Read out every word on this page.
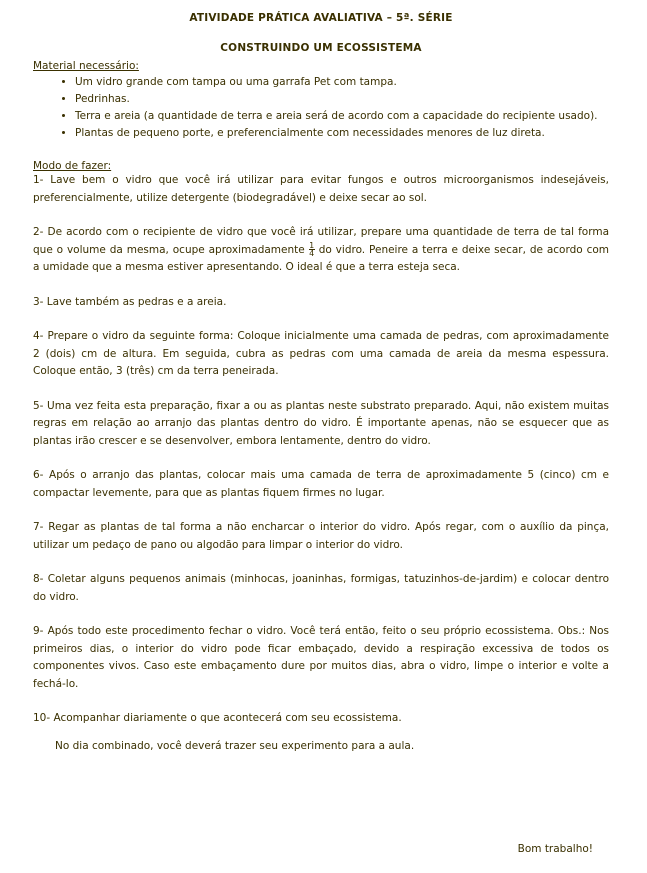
ATIVIDADE PRÁTICA AVALIATIVA – 5ª. SÉRIE
CONSTRUINDO UM ECOSSISTEMA
Material necessário:
• Um vidro grande com tampa ou uma garrafa Pet com tampa.
• Pedrinhas.
• Terra e areia (a quantidade de terra e areia será de acordo com a capacidade do recipiente usado).
• Plantas de pequeno porte, e preferencialmente com necessidades menores de luz direta.
Modo de fazer:

1- Lave bem o vidro que você irá utilizar para evitar fungos e outros microorganismos indesejáveis, preferencialmente, utilize detergente (biodegradável) e deixe secar ao sol.

2- De acordo com o recipiente de vidro que você irá utilizar, prepare uma quantidade de terra de tal forma que o volume da mesma, ocupe aproximadamente $\frac{1}{4}$ do vidro. Peneire a terra e deixe secar, de acordo com a umidade que a mesma estiver apresentando. O ideal é que a terra esteja seca.

3- Lave também as pedras e a areia.

4- Prepare o vidro da seguinte forma: Coloque inicialmente uma camada de pedras, com aproximadamente 2 (dois) cm de altura. Em seguida, cubra as pedras com uma camada de areia da mesma espessura. Coloque então, 3 (três) cm da terra peneirada.

5- Uma vez feita esta preparação, fixar a ou as plantas neste substrato preparado. Aqui, não existem muitas regras em relação ao arranjo das plantas dentro do vidro. É importante apenas, não se esquecer que as plantas irão crescer e se desenvolver, embora lentamente, dentro do vidro.

6- Após o arranjo das plantas, colocar mais uma camada de terra de aproximadamente 5 (cinco) cm e compactar levemente, para que as plantas fiquem firmes no lugar.

7- Regar as plantas de tal forma a não encharcar o interior do vidro. Após regar, com o auxílio da pinça, utilizar um pedaço de pano ou algodão para limpar o interior do vidro.

8- Coletar alguns pequenos animais (minhocas, joaninhas, formigas, tatuzinhos-de-jardim) e colocar dentro do vidro.

9- Após todo este procedimento fechar o vidro. Você terá então, feito o seu próprio ecossistema. Obs.: Nos primeiros dias, o interior do vidro pode ficar embaçado, devido a respiração excessiva de todos os componentes vivos. Caso este embaçamento dure por muitos dias, abra o vidro, limpe o interior e volte a fechá-lo.

10- Acompanhar diariamente o que acontecerá com seu ecossistema.

No dia combinado, você deverá trazer seu experimento para a aula.

Bom trabalho!
